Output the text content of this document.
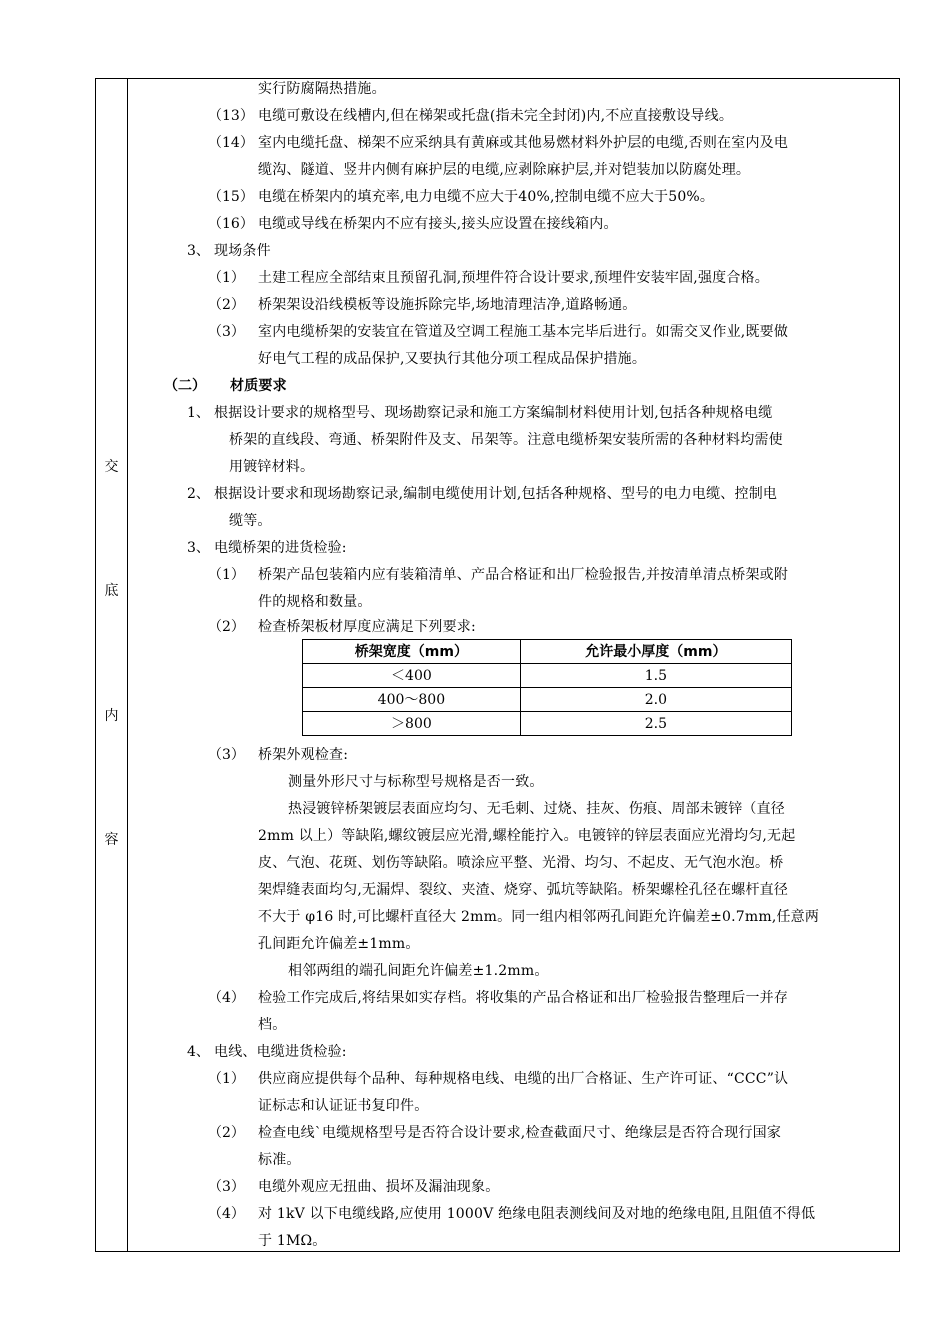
交
底
内
容
实行防腐隔热措施。
（13） 电缆可敷设在线槽内,但在梯架或托盘(指未完全封闭)内,不应直接敷设导线。
（14） 室内电缆托盘、梯架不应采纳具有黄麻或其他易燃材料外护层的电缆,否则在室内及电
缆沟、隧道、竖井内侧有麻护层的电缆,应剥除麻护层,并对铠装加以防腐处理。
（15） 电缆在桥架内的填充率,电力电缆不应大于40%,控制电缆不应大于50%。
（16） 电缆或导线在桥架内不应有接头,接头应设置在接线箱内。
3、 现场条件
（1） 土建工程应全部结束且预留孔洞,预埋件符合设计要求,预埋件安装牢固,强度合格。
（2） 桥架架设沿线模板等设施拆除完毕,场地清理洁净,道路畅通。
（3） 室内电缆桥架的安装宜在管道及空调工程施工基本完毕后进行。如需交叉作业,既要做
好电气工程的成品保护,又要执行其他分项工程成品保护措施。
（二） 材质要求
1、 根据设计要求的规格型号、现场勘察记录和施工方案编制材料使用计划,包括各种规格电缆
桥架的直线段、弯通、桥架附件及支、吊架等。注意电缆桥架安装所需的各种材料均需使
用镀锌材料。
2、 根据设计要求和现场勘察记录,编制电缆使用计划,包括各种规格、型号的电力电缆、控制电
缆等。
3、 电缆桥架的进货检验:
（1） 桥架产品包装箱内应有装箱清单、产品合格证和出厂检验报告,并按清单清点桥架或附
件的规格和数量。
（2） 检查桥架板材厚度应满足下列要求:
桥架宽度（mm）	允许最小厚度（mm）
＜400	1.5
400～800	2.0
＞800	2.5
（3） 桥架外观检查:
测量外形尺寸与标称型号规格是否一致。
热浸镀锌桥架镀层表面应均匀、无毛刺、过烧、挂灰、伤痕、周部未镀锌（直径
2mm 以上）等缺陷,螺纹镀层应光滑,螺栓能拧入。电镀锌的锌层表面应光滑均匀,无起
皮、气泡、花斑、划伤等缺陷。喷涂应平整、光滑、均匀、不起皮、无气泡水泡。桥
架焊缝表面均匀,无漏焊、裂纹、夹渣、烧穿、弧坑等缺陷。桥架螺栓孔径在螺杆直径
不大于 φ16 时,可比螺杆直径大 2mm。同一组内相邻两孔间距允许偏差±0.7mm,任意两
孔间距允许偏差±1mm。
相邻两组的端孔间距允许偏差±1.2mm。
（4） 检验工作完成后,将结果如实存档。将收集的产品合格证和出厂检验报告整理后一并存
档。
4、 电线、电缆进货检验:
（1） 供应商应提供每个品种、每种规格电线、电缆的出厂合格证、生产许可证、“CCC”认
证标志和认证证书复印件。
（2） 检查电线`电缆规格型号是否符合设计要求,检查截面尺寸、绝缘层是否符合现行国家
标准。
（3） 电缆外观应无扭曲、损坏及漏油现象。
（4） 对 1kV 以下电缆线路,应使用 1000V 绝缘电阻表测线间及对地的绝缘电阻,且阻值不得低
于 1MΩ。
